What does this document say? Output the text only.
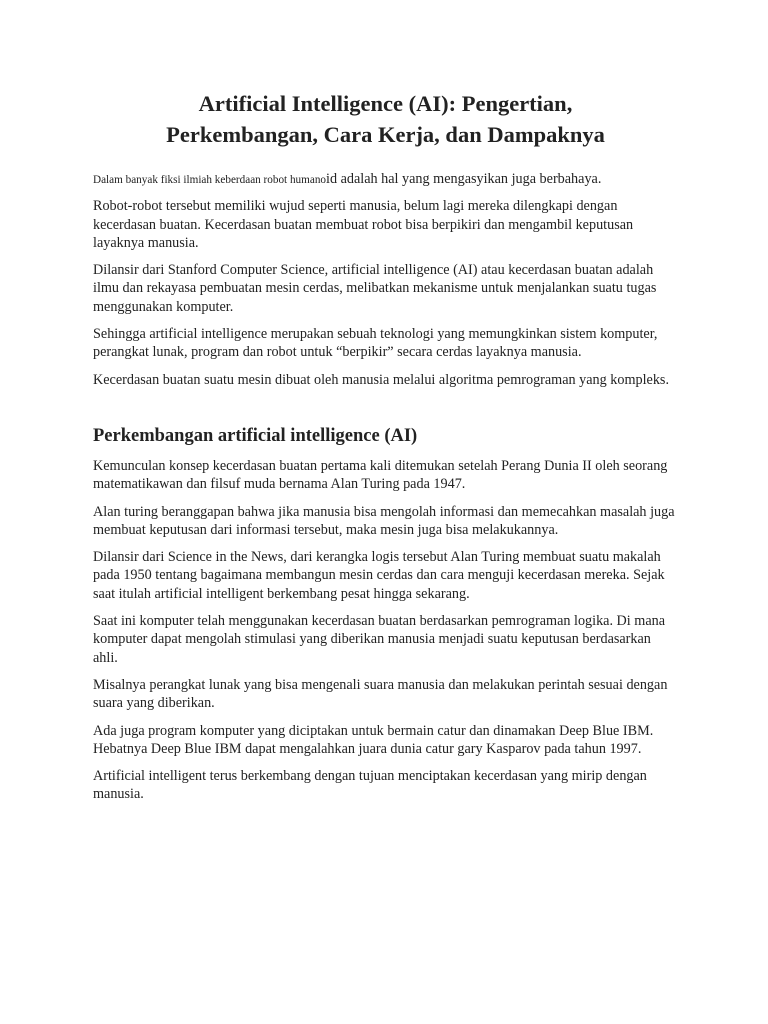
Artificial Intelligence (AI): Pengertian,
Perkembangan, Cara Kerja, dan Dampaknya

Dalam banyak fiksi ilmiah keberdaan robot humanoid adalah hal yang mengasyikan juga berbahaya.

Robot-robot tersebut memiliki wujud seperti manusia, belum lagi mereka dilengkapi dengan kecerdasan buatan. Kecerdasan buatan membuat robot bisa berpikiri dan mengambil keputusan layaknya manusia.

Dilansir dari Stanford Computer Science, artificial intelligence (AI) atau kecerdasan buatan adalah ilmu dan rekayasa pembuatan mesin cerdas, melibatkan mekanisme untuk menjalankan suatu tugas menggunakan komputer.

Sehingga artificial intelligence merupakan sebuah teknologi yang memungkinkan sistem komputer, perangkat lunak, program dan robot untuk “berpikir” secara cerdas layaknya manusia.

Kecerdasan buatan suatu mesin dibuat oleh manusia melalui algoritma pemrograman yang kompleks.

Perkembangan artificial intelligence (AI)

Kemunculan konsep kecerdasan buatan pertama kali ditemukan setelah Perang Dunia II oleh seorang matematikawan dan filsuf muda bernama Alan Turing pada 1947.

Alan turing beranggapan bahwa jika manusia bisa mengolah informasi dan memecahkan masalah juga membuat keputusan dari informasi tersebut, maka mesin juga bisa melakukannya.

Dilansir dari Science in the News, dari kerangka logis tersebut Alan Turing membuat suatu makalah pada 1950 tentang bagaimana membangun mesin cerdas dan cara menguji kecerdasan mereka. Sejak saat itulah artificial intelligent berkembang pesat hingga sekarang.

Saat ini komputer telah menggunakan kecerdasan buatan berdasarkan pemrograman logika. Di mana komputer dapat mengolah stimulasi yang diberikan manusia menjadi suatu keputusan berdasarkan ahli.

Misalnya perangkat lunak yang bisa mengenali suara manusia dan melakukan perintah sesuai dengan suara yang diberikan.

Ada juga program komputer yang diciptakan untuk bermain catur dan dinamakan Deep Blue IBM. Hebatnya Deep Blue IBM dapat mengalahkan juara dunia catur gary Kasparov pada tahun 1997.

Artificial intelligent terus berkembang dengan tujuan menciptakan kecerdasan yang mirip dengan manusia.
